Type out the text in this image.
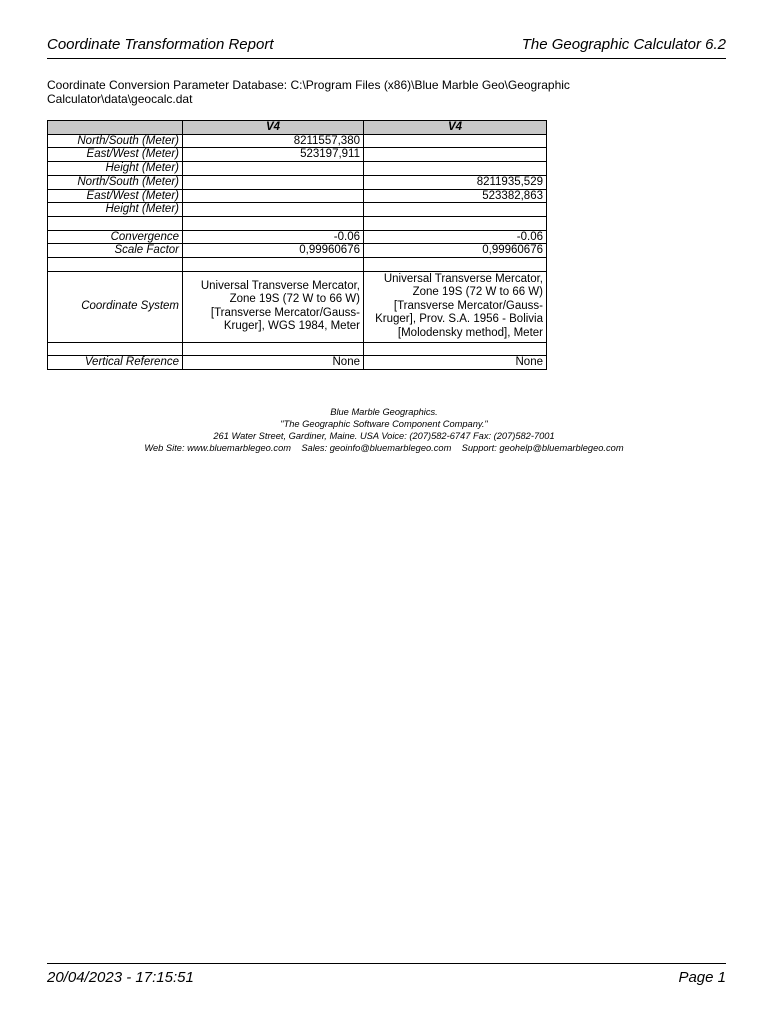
Coordinate Transformation Report	The Geographic Calculator 6.2
Coordinate Conversion Parameter Database: C:\Program Files (x86)\Blue Marble Geo\Geographic Calculator\data\geocalc.dat
	V4	V4
North/South (Meter)	8211557,380	
East/West (Meter)	523197,911	
Height (Meter)		
North/South (Meter)		8211935,529
East/West (Meter)		523382,863
Height (Meter)		

Convergence	-0.06	-0.06
Scale Factor	0,99960676	0,99960676

Coordinate System	Universal Transverse Mercator, Zone 19S (72 W to 66 W) [Transverse Mercator/Gauss-Kruger], WGS 1984, Meter	Universal Transverse Mercator, Zone 19S (72 W to 66 W) [Transverse Mercator/Gauss-Kruger], Prov. S.A. 1956 - Bolivia [Molodensky method], Meter

Vertical Reference	None	None
Blue Marble Geographics.
"The Geographic Software Component Company."
261 Water Street, Gardiner, Maine. USA Voice: (207)582-6747 Fax: (207)582-7001
Web Site: www.bluemarblegeo.com    Sales: geoinfo@bluemarblegeo.com    Support: geohelp@bluemarblegeo.com
20/04/2023 - 17:15:51	Page 1
